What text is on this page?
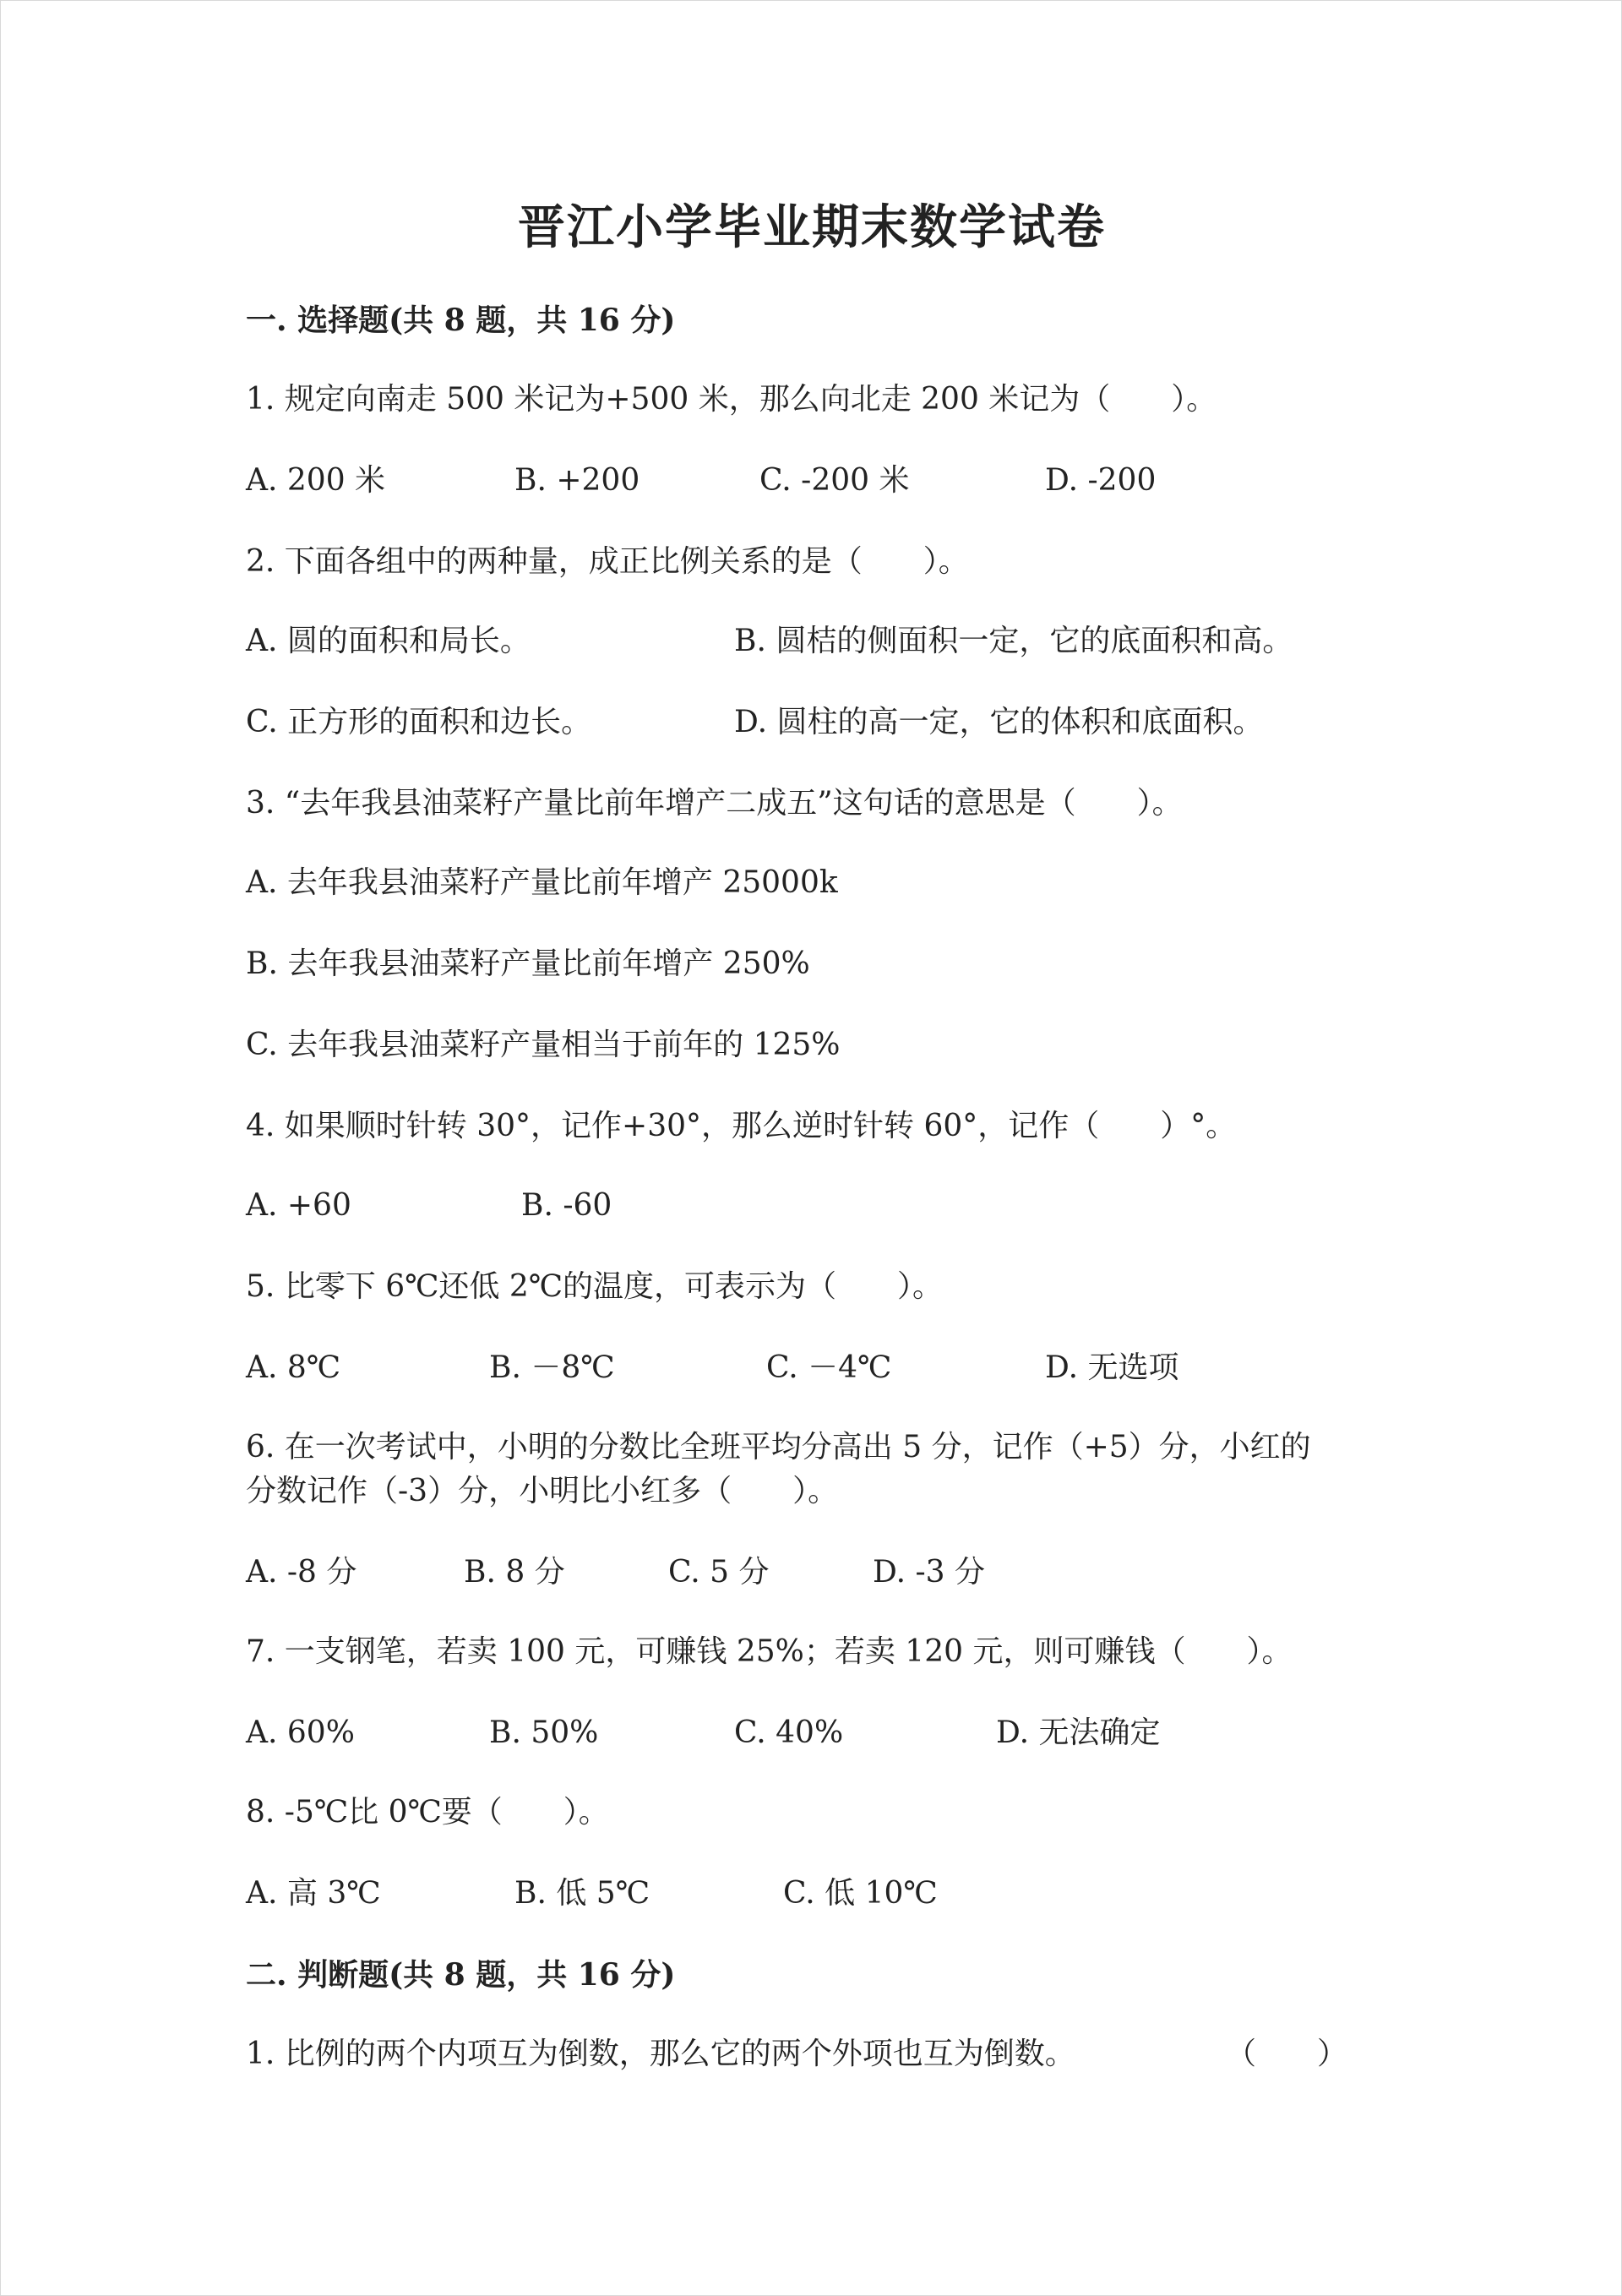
晋江小学毕业期末数学试卷
一. 选择题(共 8 题，共 16 分)
1. 规定向南走 500 米记为+500 米，那么向北走 200 米记为（　　）。
A. 200 米	B. +200	C. -200 米	D. -200
2. 下面各组中的两种量，成正比例关系的是（　　）。
A. 圆的面积和局长。	B. 圆桔的侧面积一定，它的底面积和高。
C. 正方形的面积和边长。	D. 圆柱的高一定，它的体积和底面积。
3. “去年我县油菜籽产量比前年增产二成五”这句话的意思是（　　）。
A. 去年我县油菜籽产量比前年增产 25000k
B. 去年我县油菜籽产量比前年增产 250%
C. 去年我县油菜籽产量相当于前年的 125%
4. 如果顺时针转 30°，记作+30°，那么逆时针转 60°，记作（　　）°。
A. +60	B. -60
5. 比零下 6℃还低 2℃的温度，可表示为（　　）。
A. 8℃	B. －8℃	C. －4℃	D. 无选项
6. 在一次考试中，小明的分数比全班平均分高出 5 分，记作（+5）分，小红的
分数记作（-3）分，小明比小红多（　　）。
A. -8 分	B. 8 分	C. 5 分	D. -3 分
7. 一支钢笔，若卖 100 元，可赚钱 25%；若卖 120 元，则可赚钱（　　）。
A. 60%	B. 50%	C. 40%	D. 无法确定
8. -5℃比 0℃要（　　）。
A. 高 3℃	B. 低 5℃	C. 低 10℃
二. 判断题(共 8 题，共 16 分)
1. 比例的两个内项互为倒数，那么它的两个外项也互为倒数。	（　　）
